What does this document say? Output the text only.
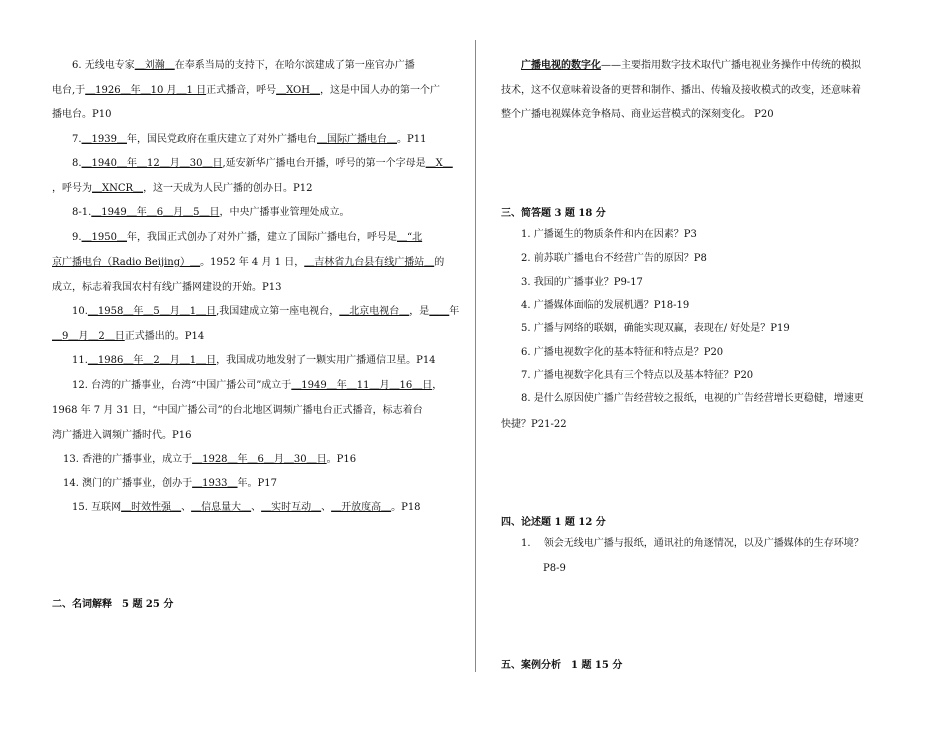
6. 无线电专家＿刘瀚＿在奉系当局的支持下，在哈尔滨建成了第一座官办广播
电台,于＿1926＿年＿10 月＿1 日正式播音，呼号＿XOH＿，这是中国人办的第一个广
播电台。P10
7.＿1939＿年，国民党政府在重庆建立了对外广播电台＿国际广播电台＿。P11
8.＿1940＿年＿12＿月＿30＿日,延安新华广播电台开播，呼号的第一个字母是＿X＿
，呼号为＿XNCR＿，这一天成为人民广播的创办日。P12
8-1.＿1949＿年＿6＿月＿5＿日，中央广播事业管理处成立。
9.＿1950＿年，我国正式创办了对外广播，建立了国际广播电台，呼号是＿“北
京广播电台（Radio Beijing）＿。1952 年 4 月 1 日，＿吉林省九台县有线广播站＿的
成立，标志着我国农村有线广播网建设的开始。P13
10.＿1958＿年＿5＿月＿1＿日,我国建成立第一座电视台，＿北京电视台＿，是＿＿年
＿9＿月＿2＿日正式播出的。P14
11.＿1986＿年＿2＿月＿1＿日，我国成功地发射了一颗实用广播通信卫星。P14
12. 台湾的广播事业，台湾“中国广播公司”成立于＿1949＿年＿11＿月＿16＿日，
1968 年 7 月 31 日，“中国广播公司”的台北地区调频广播电台正式播音，标志着台
湾广播进入调频广播时代。P16
13. 香港的广播事业，成立于＿1928＿年＿6＿月＿30＿日。P16
14. 澳门的广播事业，创办于＿1933＿年。P17
15. 互联网＿时效性强＿、＿信息量大＿、＿实时互动＿、＿开放度高＿。P18
二、名词解释　5 题 25 分
广播电视的数字化——主要指用数字技术取代广播电视业务操作中传统的模拟
技术，这不仅意味着设备的更替和制作、播出、传输及接收模式的改变，还意味着
整个广播电视媒体竞争格局、商业运营模式的深刻变化。 P20
三、简答题 3 题 18 分
1. 广播诞生的物质条件和内在因素？P3
2. 前苏联广播电台不经营广告的原因？P8
3. 我国的广播事业？P9-17
4. 广播媒体面临的发展机遇？P18-19
5. 广播与网络的联姻，确能实现双赢，表现在/ 好处是？P19
6. 广播电视数字化的基本特征和特点是？P20
7. 广播电视数字化具有三个特点以及基本特征？P20
8. 是什么原因使广播广告经营较之报纸，电视的广告经营增长更稳健，增速更
快捷？P21-22
四、论述题 1 题 12 分
1.　 领会无线电广播与报纸，通讯社的角逐情况，以及广播媒体的生存环境？
P8-9
五、案例分析　1 题 15 分
